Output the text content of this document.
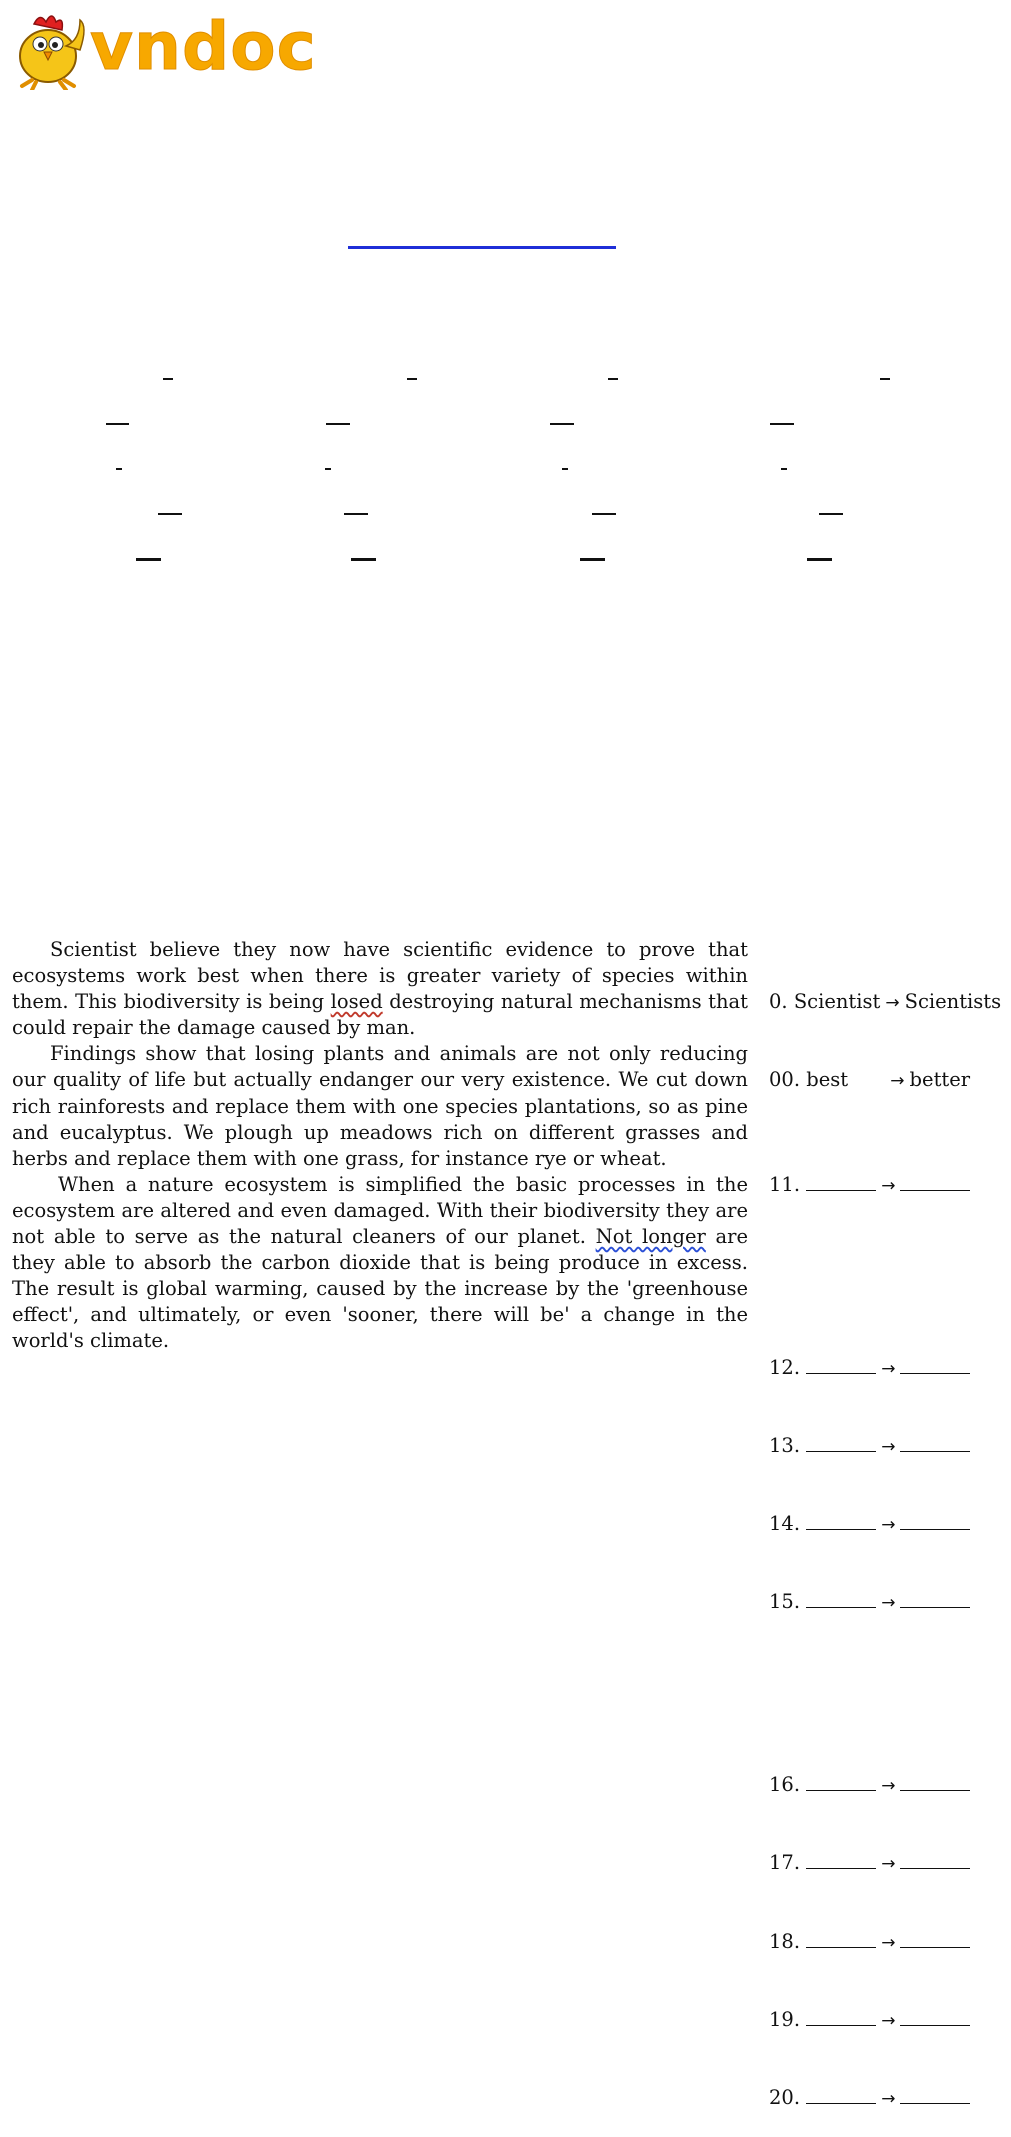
vndoc

Scientist believe they now have scientific evidence to prove that ecosystems work best when there is greater variety of species within them. This biodiversity is being losed destroying natural mechanisms that could repair the damage caused by man.

Findings show that losing plants and animals are not only reducing our quality of life but actually endanger our very existence. We cut down rich rainforests and replace them with one species plantations, so as pine and eucalyptus. We plough up meadows rich on different grasses and herbs and replace them with one grass, for instance rye or wheat.

When a nature ecosystem is simplified the basic processes in the ecosystem are altered and even damaged. With their biodiversity they are not able to serve as the natural cleaners of our planet. Not longer are they able to absorb the carbon dioxide that is being produce in excess. The result is global warming, caused by the increase by the 'greenhouse effect', and ultimately, or even 'sooner, there will be' a change in the world's climate.

0. Scientist → Scientists

00. best → better

11.	→

12.	→

13.	→

14.	→

15.	→

16.	→

17.	→

18.	→

19.	→

20.	→
